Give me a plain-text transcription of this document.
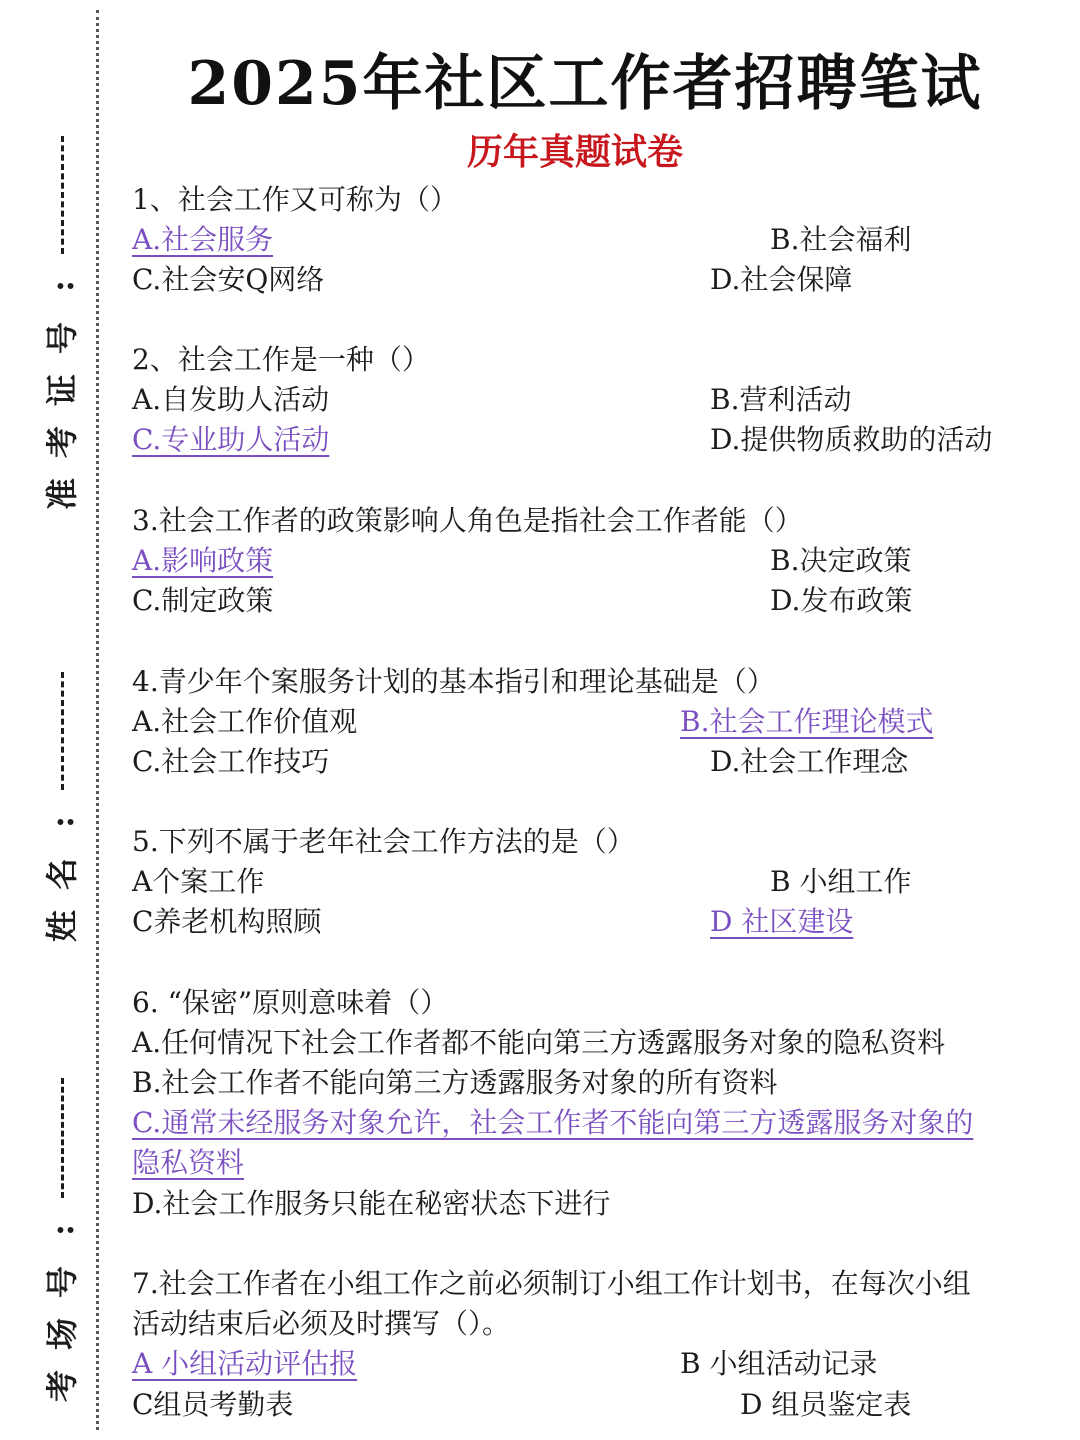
:
号
证
考
准
:
名
姓
:
号
场
考
2025年社区工作者招聘笔试
历年真题试卷
1、社会工作又可称为（）
A.社会服务	B.社会福利
C.社会安Q网络	D.社会保障
2、社会工作是一种（）
A.自发助人活动	B.营利活动
C.专业助人活动	D.提供物质救助的活动
3.社会工作者的政策影响人角色是指社会工作者能（）
A.影响政策	B.决定政策
C.制定政策	D.发布政策
4.青少年个案服务计划的基本指引和理论基础是（）
A.社会工作价值观	B.社会工作理论模式
C.社会工作技巧	D.社会工作理念
5.下列不属于老年社会工作方法的是（）
A个案工作	B 小组工作
C养老机构照顾	D 社区建设
6. “保密”原则意味着（）
A.任何情况下社会工作者都不能向第三方透露服务对象的隐私资料
B.社会工作者不能向第三方透露服务对象的所有资料
C.通常未经服务对象允许，社会工作者不能向第三方透露服务对象的
隐私资料
D.社会工作服务只能在秘密状态下进行
7.社会工作者在小组工作之前必须制订小组工作计划书，在每次小组
活动结束后必须及时撰写（）。
A 小组活动评估报	B 小组活动记录
C组员考勤表	D 组员鉴定表
